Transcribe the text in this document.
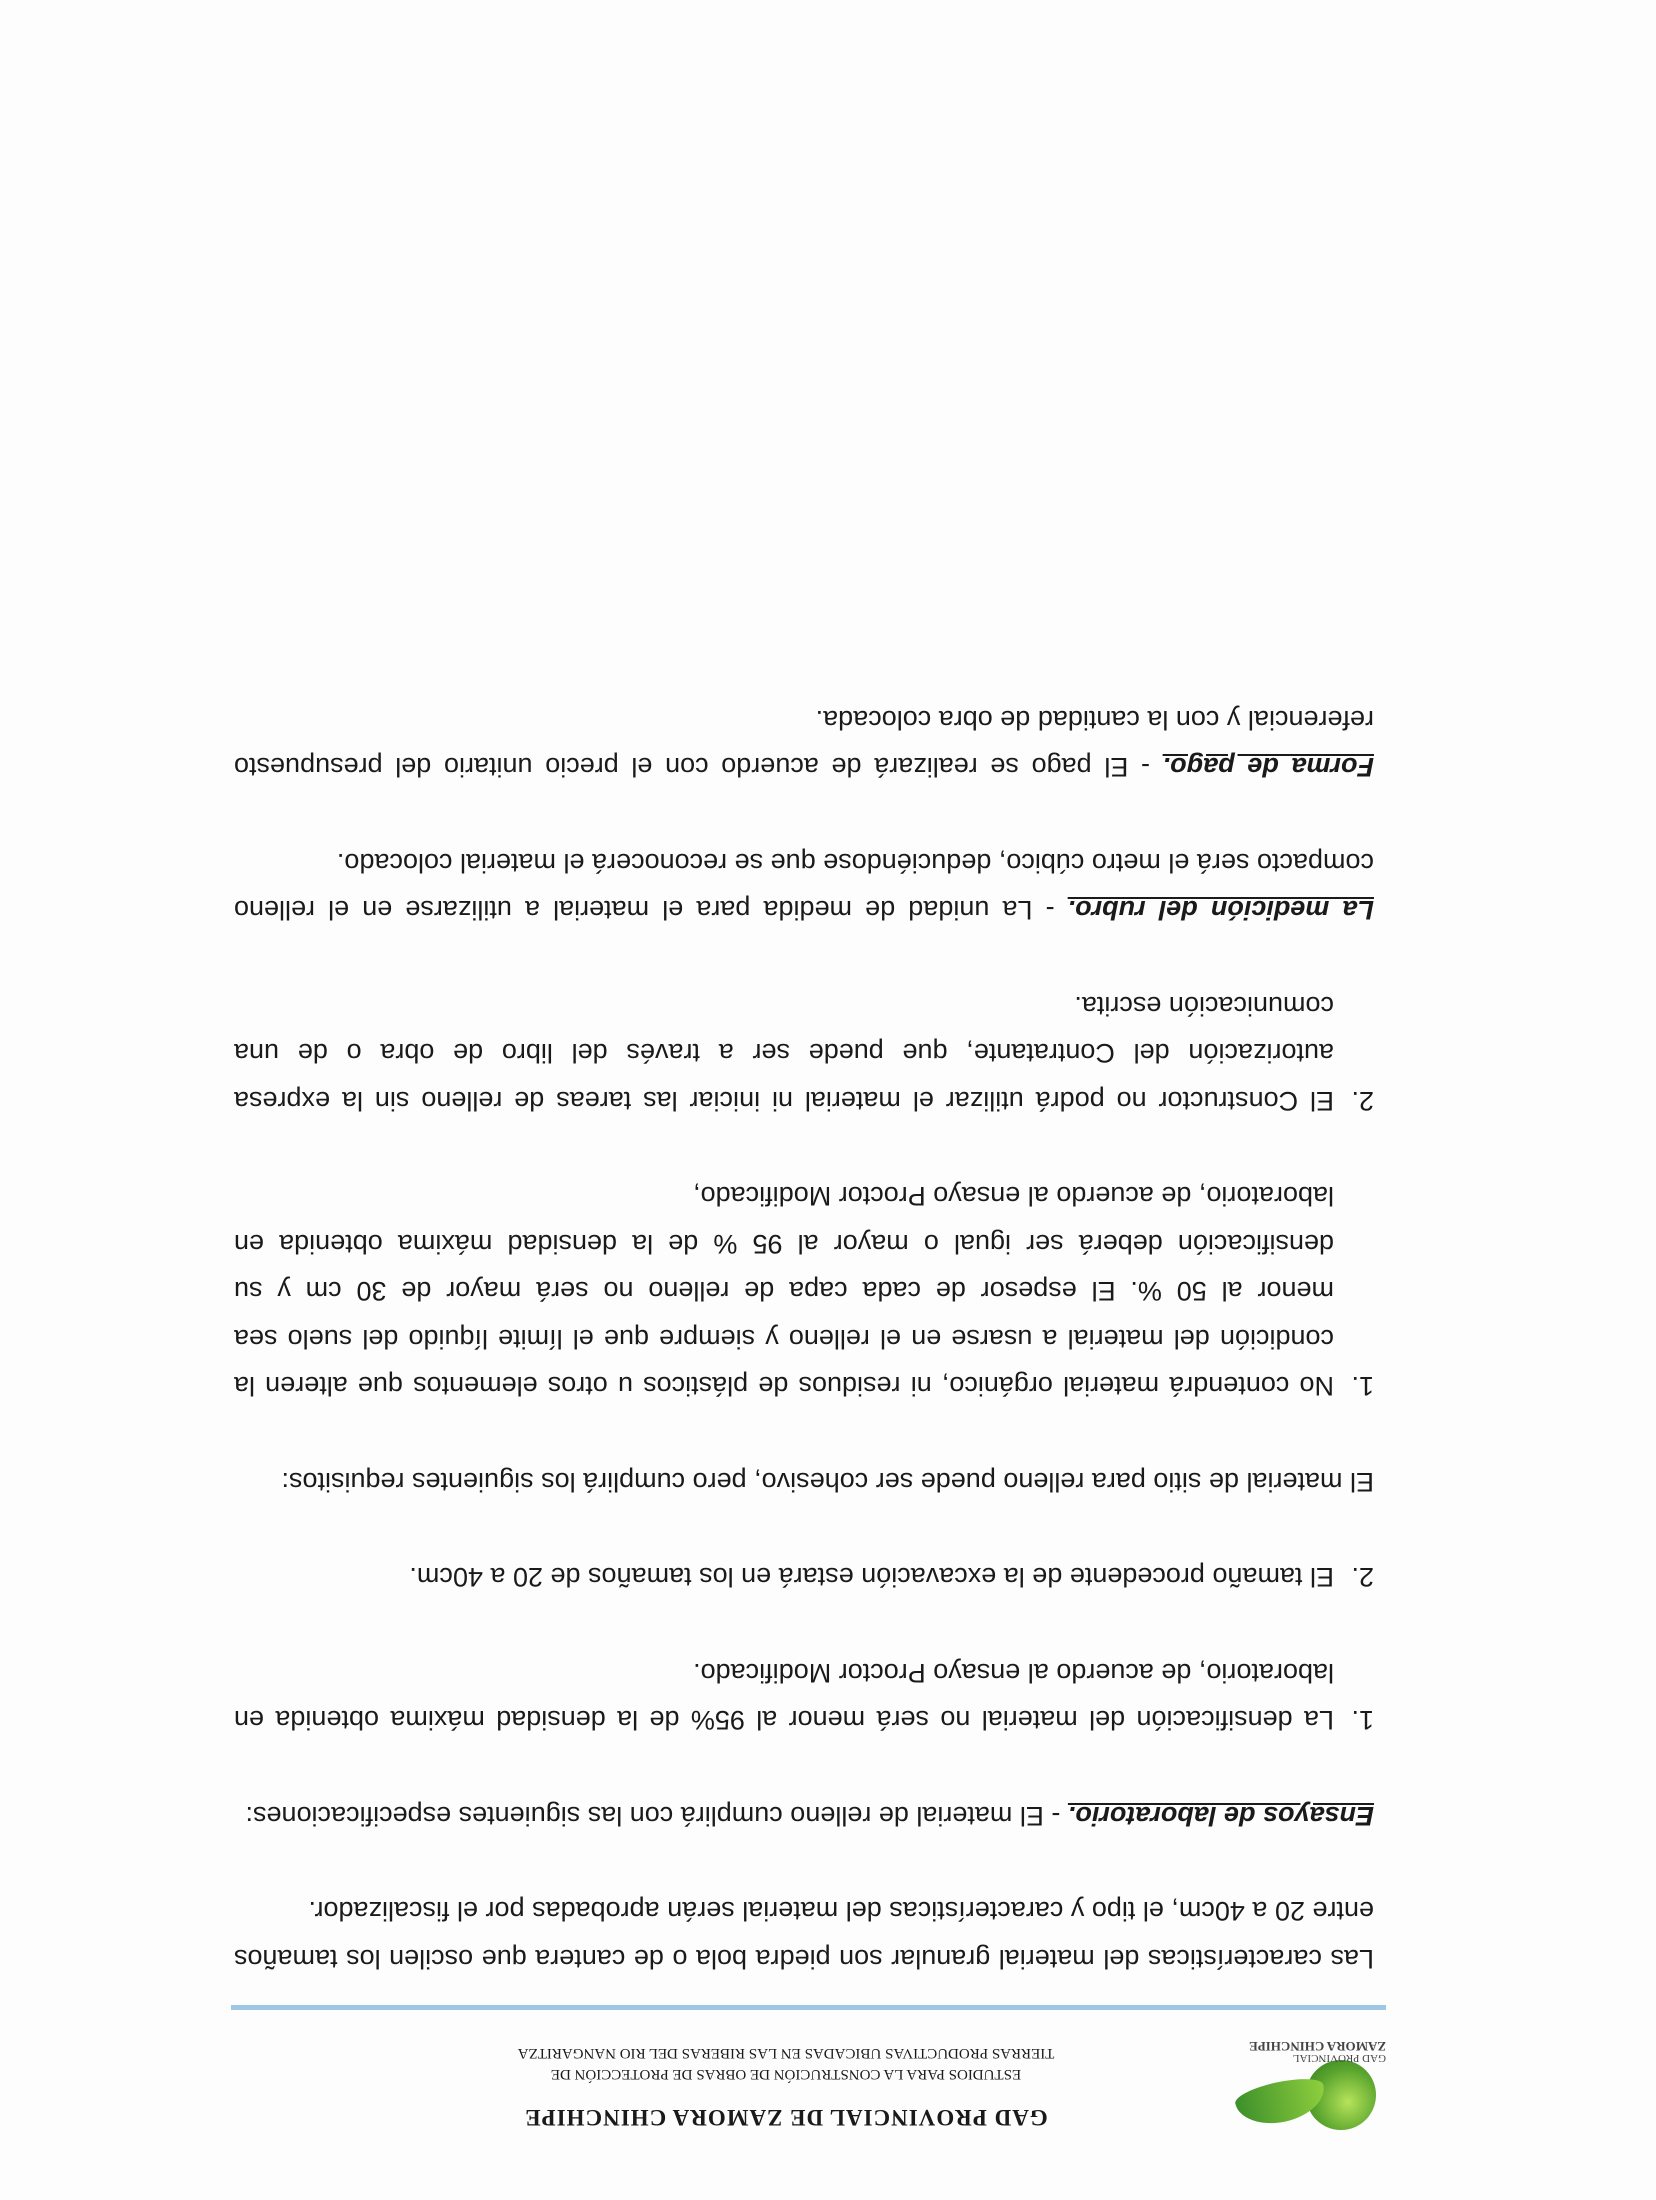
GAD PROVINCIAL
ZAMORA CHINCHIPE
GAD PROVINCIAL DE ZAMORA CHINCHIPE
ESTUDIOS PARA LA CONSTRUCIÓN DE OBRAS DE PROTECCIÓN DE
TIERRAS PRODUCTIVAS UBICADAS EN LAS RIBERAS DEL RIO NANGARITZA

Las características del material granular son piedra bola o de cantera que oscilen los tamaños entre 20 a 40cm, el tipo y características del material serán aprobadas por el fiscalizador.

Ensayos de laboratorio. - El material de relleno cumplirá con las siguientes especificaciones:

1. La densificación del material no será menor al 95% de la densidad máxima obtenida en laboratorio, de acuerdo al ensayo Proctor Modificado.
2. El tamaño procedente de la excavación estará en los tamaños de 20 a 40cm.

El material de sitio para relleno puede ser cohesivo, pero cumplirá los siguientes requisitos:

1. No contendrá material orgánico, ni residuos de plásticos u otros elementos que alteren la condición del material a usarse en el relleno y siempre que el límite líquido del suelo sea menor al 50 %. El espesor de cada capa de relleno no será mayor de 30 cm y su densificación deberá ser igual o mayor al 95 % de la densidad máxima obtenida en laboratorio, de acuerdo al ensayo Proctor Modificado,
2. El Constructor no podrá utilizar el material ni iniciar las tareas de relleno sin la expresa autorización del Contratante, que puede ser a través del libro de obra o de una comunicación escrita.

La medición del rubro. - La unidad de medida para el material a utilizarse en el relleno compacto será el metro cúbico, deduciéndose que se reconocerá el material colocado.

Forma de pago. - El pago se realizará de acuerdo con el precio unitario del presupuesto referencial y con la cantidad de obra colocada.
